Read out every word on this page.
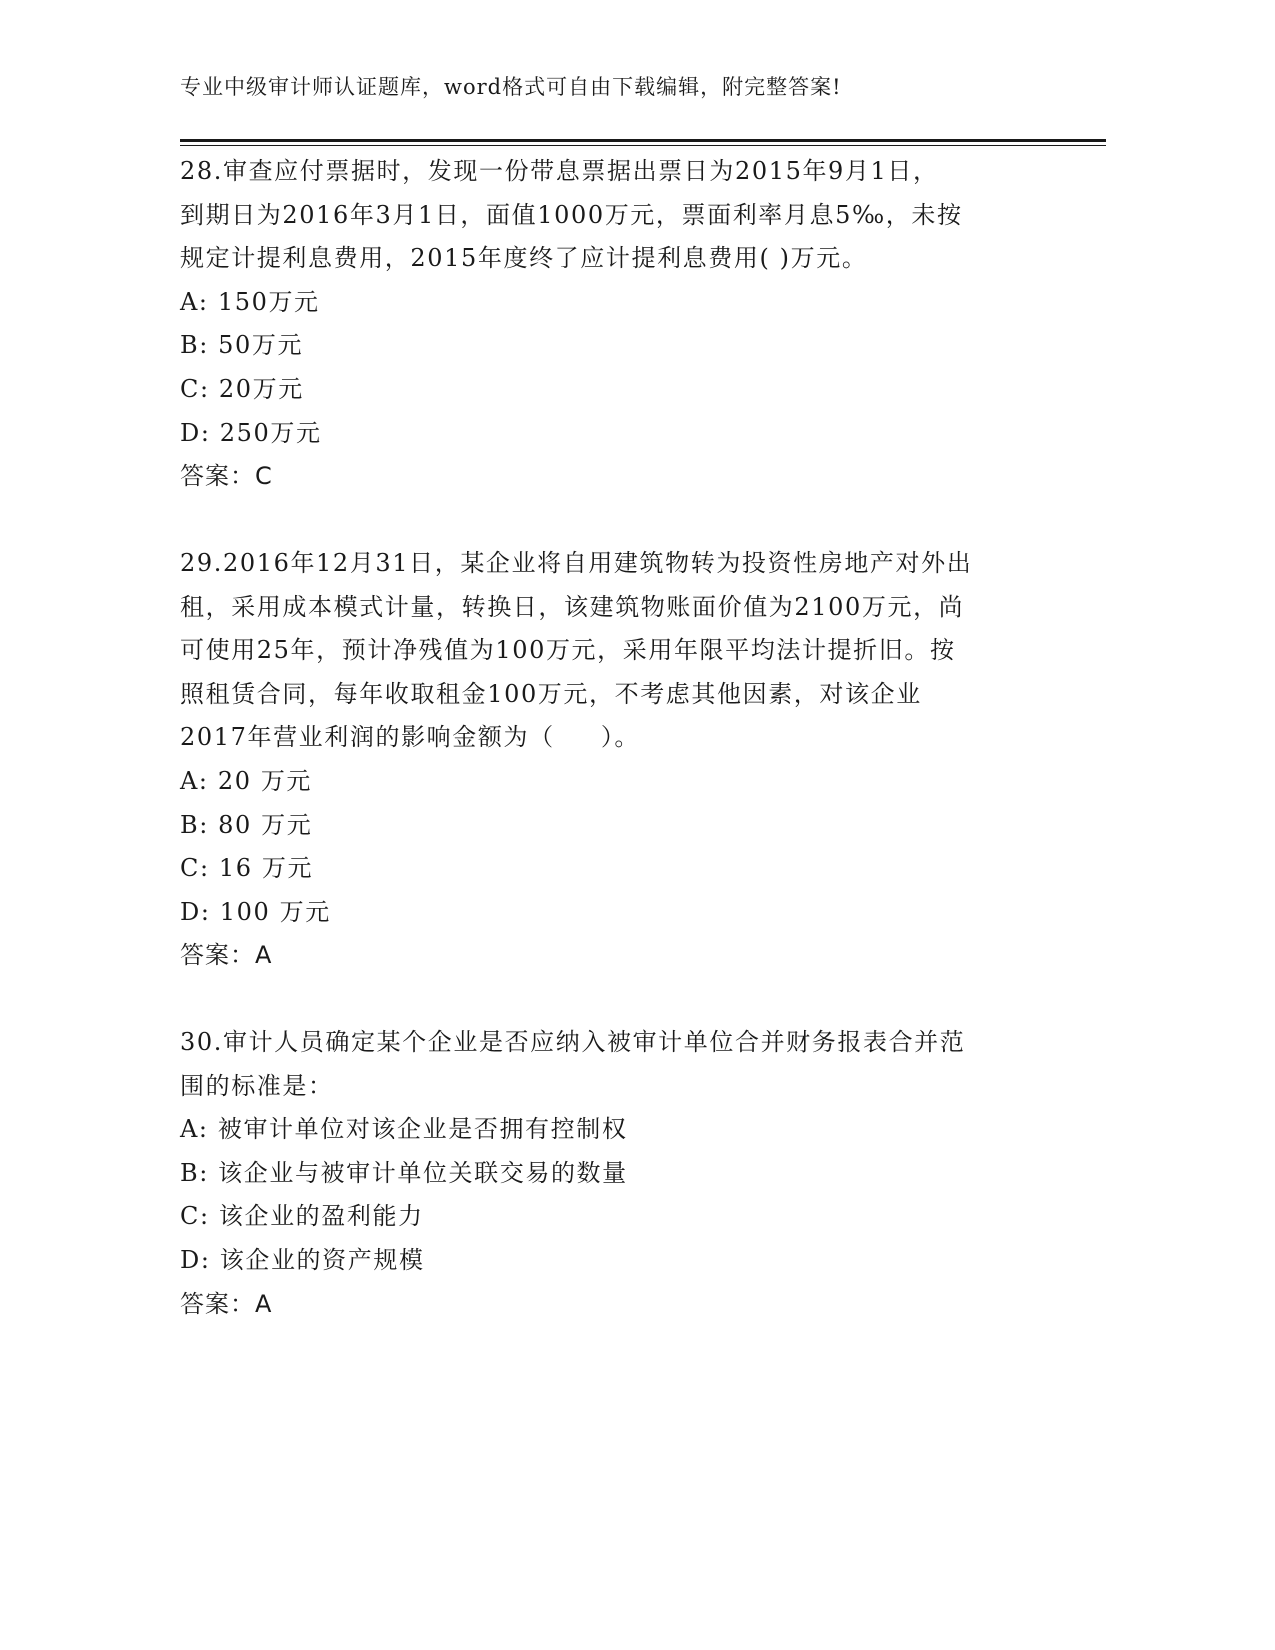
专业中级审计师认证题库，word格式可自由下载编辑，附完整答案!
28.审查应付票据时，发现一份带息票据出票日为2015年9月1日，
到期日为2016年3月1日，面值1000万元，票面利率月息5‰，未按
规定计提利息费用，2015年度终了应计提利息费用( )万元。
A: 150万元
B: 50万元
C: 20万元
D: 250万元
答案：C
29.2016年12月31日，某企业将自用建筑物转为投资性房地产对外出
租，采用成本模式计量，转换日，该建筑物账面价值为2100万元，尚
可使用25年，预计净残值为100万元，采用年限平均法计提折旧。按
照租赁合同，每年收取租金100万元，不考虑其他因素，对该企业
2017年营业利润的影响金额为（     ）。
A: 20 万元
B: 80 万元
C: 16 万元
D: 100 万元
答案：A
30.审计人员确定某个企业是否应纳入被审计单位合并财务报表合并范
围的标准是：
A: 被审计单位对该企业是否拥有控制权
B: 该企业与被审计单位关联交易的数量
C: 该企业的盈利能力
D: 该企业的资产规模
答案：A
